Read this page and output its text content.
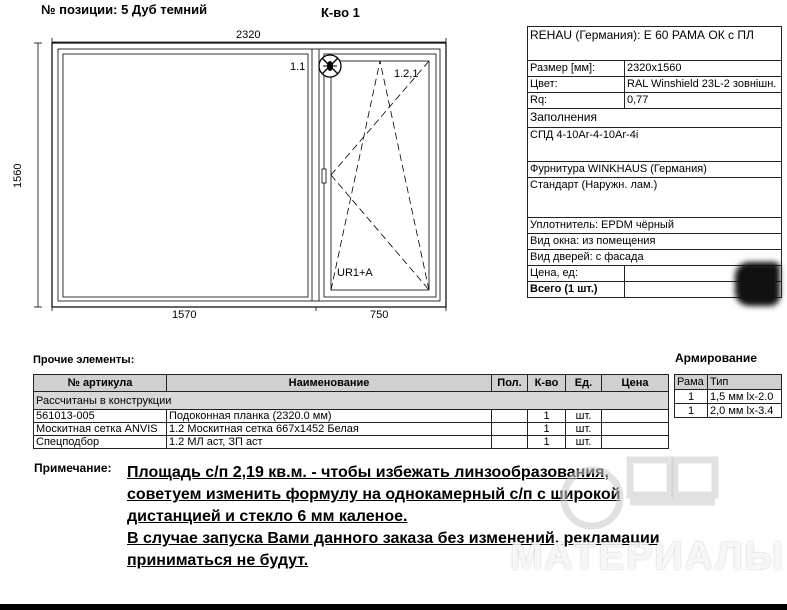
№ позиции: 5 Дуб темний	К-во 1
2320
1560
1570	750
1.1
1.2,1
UR1+A
REHAU (Германия): Е 60 РАМА ОК с ПЛ	
Размер [мм]:	2320x1560
Цвет:	RAL Winshield 23L-2 зовнішн.
Rq:	0,77
Заполнения	
СПД 4-10Ar-4-10Ar-4i	
Фурнитура WINKHAUS (Германия)	
Стандарт (Наружн. лам.)	
Уплотнитель: EPDM чёрный	
Вид окна: из помещения	
Вид дверей: с фасада	
Цена, ед:	
Всего (1 шт.)	
Прочие элементы:	Армирование
№ артикула	Наименование	Пол.	К-во	Ед.	Цена
Рассчитаны в конструкции					
561013-005	Подоконная планка (2320.0 мм)		1	шт.	
Москитная сетка ANVIS	1.2 Москитная сетка 667x1452 Белая		1	шт.	
Спецподбор	1.2 МЛ аст, ЗП аст		1	шт.	
Рама	Тип
1	1,5 мм lx-2.0
1	2,0 мм lx-3.4
Примечание: Площадь с/п 2,19 кв.м. - чтобы избежать линзообразования,
советуем изменить формулу на однокамерный с/п с широкой
дистанцией и стекло 6 мм каленое.
В случае запуска Вами данного заказа без изменений, рекламации
приниматься не будут.	МАТЕРИАЛЫ
